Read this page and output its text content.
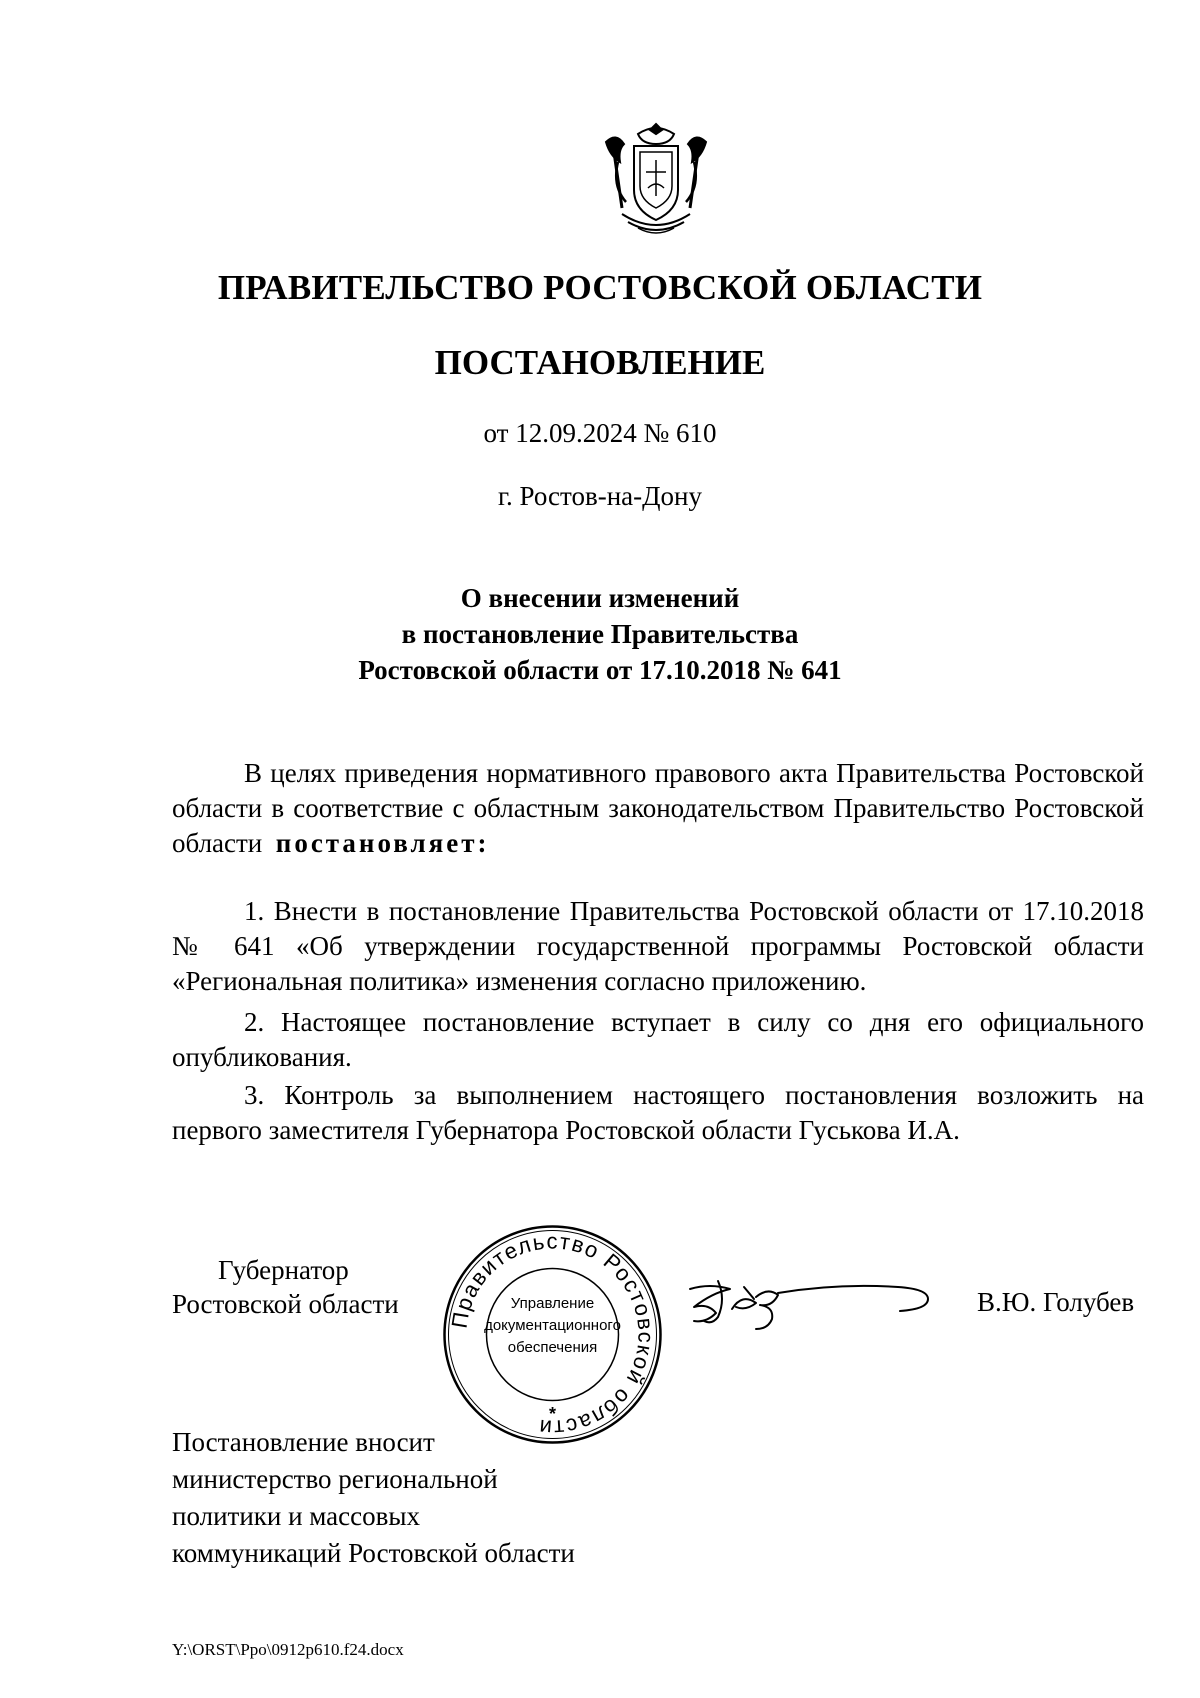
ПРАВИТЕЛЬСТВО РОСТОВСКОЙ ОБЛАСТИ
ПОСТАНОВЛЕНИЕ
от 12.09.2024 № 610
г. Ростов-на-Дону
О внесении изменений
в постановление Правительства
Ростовской области от 17.10.2018 № 641
В целях приведения нормативного правового акта Правительства Ростовской области в соответствие с областным законодательством Правительство Ростовской области постановляет:
1. Внести в постановление Правительства Ростовской области от 17.10.2018 № 641 «Об утверждении государственной программы Ростовской области «Региональная политика» изменения согласно приложению.
2. Настоящее постановление вступает в силу со дня его официального опубликования.
3. Контроль за выполнением настоящего постановления возложить на первого заместителя Губернатора Ростовской области Гуськова И.А.
Губернатор
Ростовской области
Правительство Ростовской области
Управление
документационного
обеспечения
*
В.Ю. Голубев
Постановление вносит
министерство региональной
политики и массовых
коммуникаций Ростовской области
Y:\ORST\Ppo\0912p610.f24.docx
